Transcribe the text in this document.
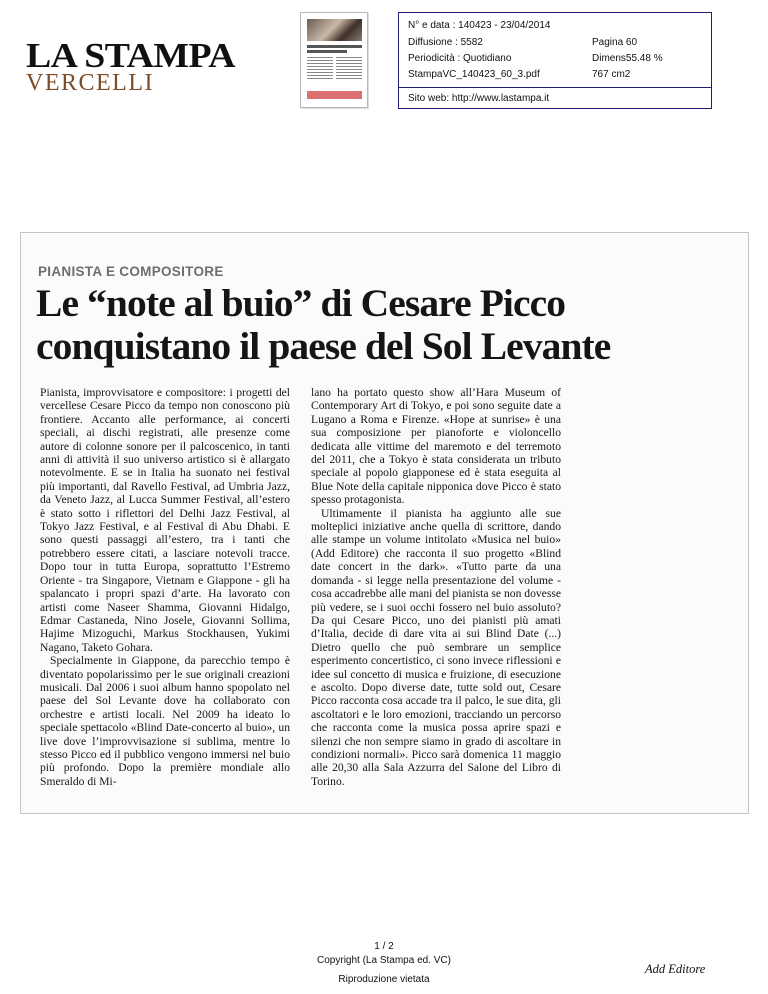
LA STAMPA
VERCELLI
N° e data : 140423 - 23/04/2014
Diffusione : 5582
Periodicità : Quotidiano
StampaVC_140423_60_3.pdf
Pagina 60
Dimens55.48 %
767 cm2
Sito web: http://www.lastampa.it
PIANISTA E COMPOSITORE
Le “note al buio” di Cesare Picco
conquistano il paese del Sol Levante

Pianista, improvvisatore e compositore: i progetti del vercellese Cesare Picco da tempo non conoscono più frontiere. Accanto alle performance, ai concerti speciali, ai dischi registrati, alle presenze come autore di colonne sonore per il palcoscenico, in tanti anni di attività il suo universo artistico si è allargato notevolmente. E se in Italia ha suonato nei festival più importanti, dal Ravello Festival, ad Umbria Jazz, da Veneto Jazz, al Lucca Summer Festival, all’estero è stato sotto i riflettori del Delhi Jazz Festival, al Tokyo Jazz Festival, e al Festival di Abu Dhabi. E sono questi passaggi all’estero, tra i tanti che potrebbero essere citati, a lasciare notevoli tracce. Dopo tour in tutta Europa, soprattutto l’Estremo Oriente - tra Singapore, Vietnam e Giappone - gli ha spalancato i propri spazi d’arte. Ha lavorato con artisti come Naseer Shamma, Giovanni Hidalgo, Edmar Castaneda, Nino Josele, Giovanni Sollima, Hajime Mizoguchi, Markus Stockhausen, Yukimi Nagano, Taketo Gohara.

Specialmente in Giappone, da parecchio tempo è diventato popolarissimo per le sue originali creazioni musicali. Dal 2006 i suoi album hanno spopolato nel paese del Sol Levante dove ha collaborato con orchestre e artisti locali. Nel 2009 ha ideato lo speciale spettacolo «Blind Date-concerto al buio», un live dove l’improvvisazione si sublima, mentre lo stesso Picco ed il pubblico vengono immersi nel buio più profondo. Dopo la première mondiale allo Smeraldo di Mi-

lano ha portato questo show all’Hara Museum of Contemporary Art di Tokyo, e poi sono seguite date a Lugano a Roma e Firenze. «Hope at sunrise» è una sua composizione per pianoforte e violoncello dedicata alle vittime del maremoto e del terremoto del 2011, che a Tokyo è stata considerata un tributo speciale al popolo giapponese ed è stata eseguita al Blue Note della capitale nipponica dove Picco è stato spesso protagonista.

Ultimamente il pianista ha aggiunto alle sue molteplici iniziative anche quella di scrittore, dando alle stampe un volume intitolato «Musica nel buio» (Add Editore) che racconta il suo progetto «Blind date concert in the dark». «Tutto parte da una domanda - si legge nella presentazione del volume - cosa accadrebbe alle mani del pianista se non dovesse più vedere, se i suoi occhi fossero nel buio assoluto? Da qui Cesare Picco, uno dei pianisti più amati d’Italia, decide di dare vita ai sui Blind Date (...) Dietro quello che può sembrare un semplice esperimento concertistico, ci sono invece riflessioni e idee sul concetto di musica e fruizione, di esecuzione e ascolto. Dopo diverse date, tutte sold out, Cesare Picco racconta cosa accade tra il palco, le sue dita, gli ascoltatori e le loro emozioni, tracciando un percorso che racconta come la musica possa aprire spazi e silenzi che non sempre siamo in grado di ascoltare in condizioni normali». Picco sarà domenica 11 maggio alle 20,30 alla Sala Azzurra del Salone del Libro di Torino.

1 / 2
Copyright (La Stampa ed. VC)
Riproduzione vietata
Add Editore
